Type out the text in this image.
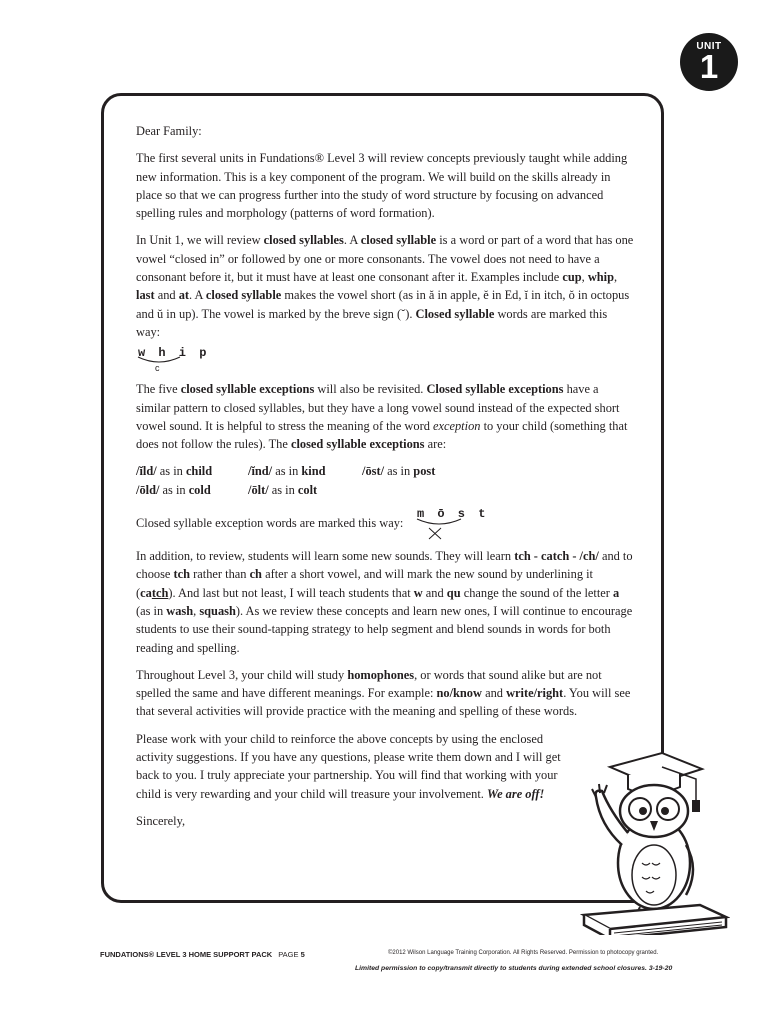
UNIT
1

Dear Family:

The first several units in Fundations® Level 3 will review concepts previously taught while adding new information. This is a key component of the program. We will build on the skills already in place so that we can progress further into the study of word structure by focusing on advanced spelling rules and morphology (patterns of word formation).

In Unit 1, we will review closed syllables. A closed syllable is a word or part of a word that has one vowel “closed in” or followed by one or more consonants. The vowel does not need to have a consonant before it, but it must have at least one consonant after it. Examples include cup, whip, last and at. A closed syllable makes the vowel short (as in ă in apple, ĕ in Ed, ĭ in itch, ŏ in octopus and ŭ in up). The vowel is marked by the breve sign (˘). Closed syllable words are marked this way:

w h i p
c

The five closed syllable exceptions will also be revisited. Closed syllable exceptions have a similar pattern to closed syllables, but they have a long vowel sound instead of the expected short vowel sound. It is helpful to stress the meaning of the word exception to your child (something that does not follow the rules). The closed syllable exceptions are:

/ĭld/ as in child	/ĭnd/ as in kind	/ōst/ as in post
/ōld/ as in cold	/ōlt/ as in colt
Closed syllable exception words are marked this way:
m ō s t

In addition, to review, students will learn some new sounds. They will learn tch - catch - /ch/ and to choose tch rather than ch after a short vowel, and will mark the new sound by underlining it (catch). And last but not least, I will teach students that w and qu change the sound of the letter a (as in wash, squash). As we review these concepts and learn new ones, I will continue to encourage students to use their sound-tapping strategy to help segment and blend sounds in words for both reading and spelling.

Throughout Level 3, your child will study homophones, or words that sound alike but are not spelled the same and have different meanings. For example: no/know and write/right. You will see that several activities will provide practice with the meaning and spelling of these words.

Please work with your child to reinforce the above concepts by using the enclosed activity suggestions. If you have any questions, please write them down and I will get back to you. I truly appreciate your partnership. You will find that working with your child is very rewarding and your child will treasure your involvement. We are off!

Sincerely,

FUNDATIONS® LEVEL 3 HOME SUPPORT PACK PAGE 5	©2012 Wilson Language Training Corporation. All Rights Reserved. Permission to photocopy granted.
Limited permission to copy/transmit directly to students during extended school closures. 3-19-20
